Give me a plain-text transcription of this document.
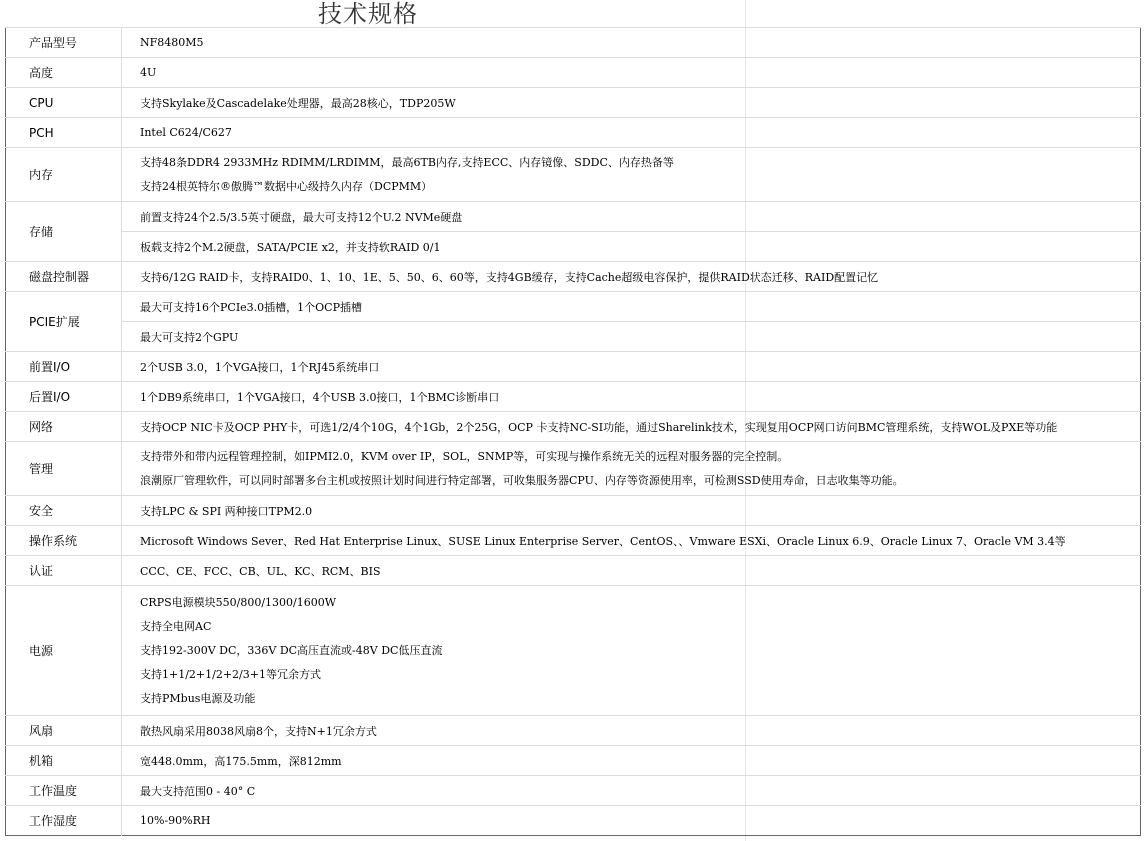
技术规格
产品型号	NF8480M5
高度	4U
CPU	支持Skylake及Cascadelake处理器，最高28核心，TDP205W
PCH	Intel C624/C627
内存	支持48条DDR4 2933MHz RDIMM/LRDIMM，最高6TB内存,支持ECC、内存镜像、SDDC、内存热备等
支持24根英特尔®傲腾™数据中心级持久内存（DCPMM）

存储	前置支持24个2.5/3.5英寸硬盘，最大可支持12个U.2 NVMe硬盘
	板载支持2个M.2硬盘，SATA/PCIE x2，并支持软RAID 0/1
磁盘控制器	支持6/12G RAID卡，支持RAID0、1、10、1E、5、50、6、60等，支持4GB缓存，支持Cache超级电容保护，提供RAID状态迁移、RAID配置记忆
PCIE扩展	最大可支持16个PCIe3.0插槽，1个OCP插槽
	最大可支持2个GPU
前置I/O	2个USB 3.0，1个VGA接口，1个RJ45系统串口
后置I/O	1个DB9系统串口，1个VGA接口，4个USB 3.0接口，1个BMC诊断串口
网络	支持OCP NIC卡及OCP PHY卡，可选1/2/4个10G，4个1Gb，2个25G，OCP 卡支持NC-SI功能，通过Sharelink技术，实现复用OCP网口访问BMC管理系统，支持WOL及PXE等功能
管理	支持带外和带内远程管理控制，如IPMI2.0，KVM over IP，SOL，SNMP等，可实现与操作系统无关的远程对服务器的完全控制。
浪潮原厂管理软件，可以同时部署多台主机或按照计划时间进行特定部署，可收集服务器CPU、内存等资源使用率，可检测SSD使用寿命，日志收集等功能。

安全	支持LPC & SPI 两种接口TPM2.0
操作系统	Microsoft Windows Sever、Red Hat Enterprise Linux、SUSE Linux Enterprise Server、CentOS、、Vmware ESXi、Oracle Linux 6.9、Oracle Linux 7、Oracle VM 3.4等
认证	CCC、CE、FCC、CB、UL、KC、RCM、BIS
电源	CRPS电源模块550/800/1300/1600W
支持全电网AC
支持192-300V DC，336V DC高压直流或-48V DC低压直流
支持1+1/2+1/2+2/3+1等冗余方式
支持PMbus电源及功能

风扇	散热风扇采用8038风扇8个，支持N+1冗余方式
机箱	宽448.0mm，高175.5mm，深812mm
工作温度	最大支持范围0 - 40° C
工作湿度	10%-90%RH
